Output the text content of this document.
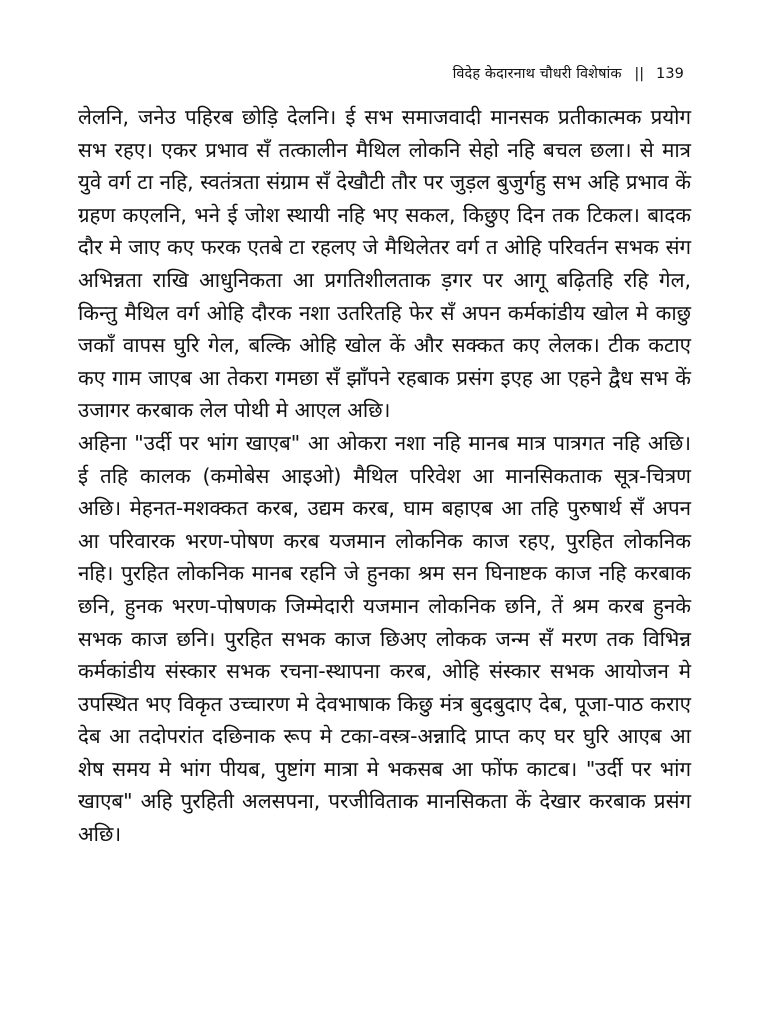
विदेह केदारनाथ चौधरी विशेषांक || 139

लेलनि, जनेउ पहिरब छोड़ि देलनि। ई सभ समाजवादी मानसक प्रतीकात्मक प्रयोग सभ रहए। एकर प्रभाव सँ तत्कालीन मैथिल लोकनि सेहो नहि बचल छला। से मात्र युवे वर्ग टा नहि, स्वतंत्रता संग्राम सँ देखौटी तौर पर जुड़ल बुजुर्गहु सभ अहि प्रभाव कें ग्रहण कएलनि, भने ई जोश स्थायी नहि भए सकल, किछुए दिन तक टिकल। बादक दौर मे जाए कए फरक एतबे टा रहलए जे मैथिलेतर वर्ग त ओहि परिवर्तन सभक संग अभिन्नता राखि आधुनिकता आ प्रगतिशीलताक ड़गर पर आगू बढ़ितहि रहि गेल, किन्तु मैथिल वर्ग ओहि दौरक नशा उतरितहि फेर सँ अपन कर्मकांडीय खोल मे काछु जकाँ वापस घुरि गेल, बल्कि ओहि खोल कें और सक्कत कए लेलक। टीक कटाए कए गाम जाएब आ तेकरा गमछा सँ झाँपने रहबाक प्रसंग इएह आ एहने द्वैध सभ कें उजागर करबाक लेल पोथी मे आएल अछि।

अहिना "उर्दी पर भांग खाएब" आ ओकरा नशा नहि मानब मात्र पात्रगत नहि अछि। ई तहि कालक (कमोबेस आइओ) मैथिल परिवेश आ मानसिकताक सूत्र-चित्रण अछि। मेहनत-मशक्कत करब, उद्यम करब, घाम बहाएब आ तहि पुरुषार्थ सँ अपन आ परिवारक भरण-पोषण करब यजमान लोकनिक काज रहए, पुरहित लोकनिक नहि। पुरहित लोकनिक मानब रहनि जे हुनका श्रम सन घिनाष्टक काज नहि करबाक छनि, हुनक भरण-पोषणक जिम्मेदारी यजमान लोकनिक छनि, तें श्रम करब हुनके सभक काज छनि। पुरहित सभक काज छिअए लोकक जन्म सँ मरण तक विभिन्न कर्मकांडीय संस्कार सभक रचना-स्थापना करब, ओहि संस्कार सभक आयोजन मे उपस्थित भए विकृत उच्चारण मे देवभाषाक किछु मंत्र बुदबुदाए देब, पूजा-पाठ कराए देब आ तदोपरांत दछिनाक रूप मे टका-वस्त्र-अन्नादि प्राप्त कए घर घुरि आएब आ शेष समय मे भांग पीयब, पुष्टांग मात्रा मे भकसब आ फोंफ काटब। "उर्दी पर भांग खाएब" अहि पुरहिती अलसपना, परजीविताक मानसिकता कें देखार करबाक प्रसंग अछि।
